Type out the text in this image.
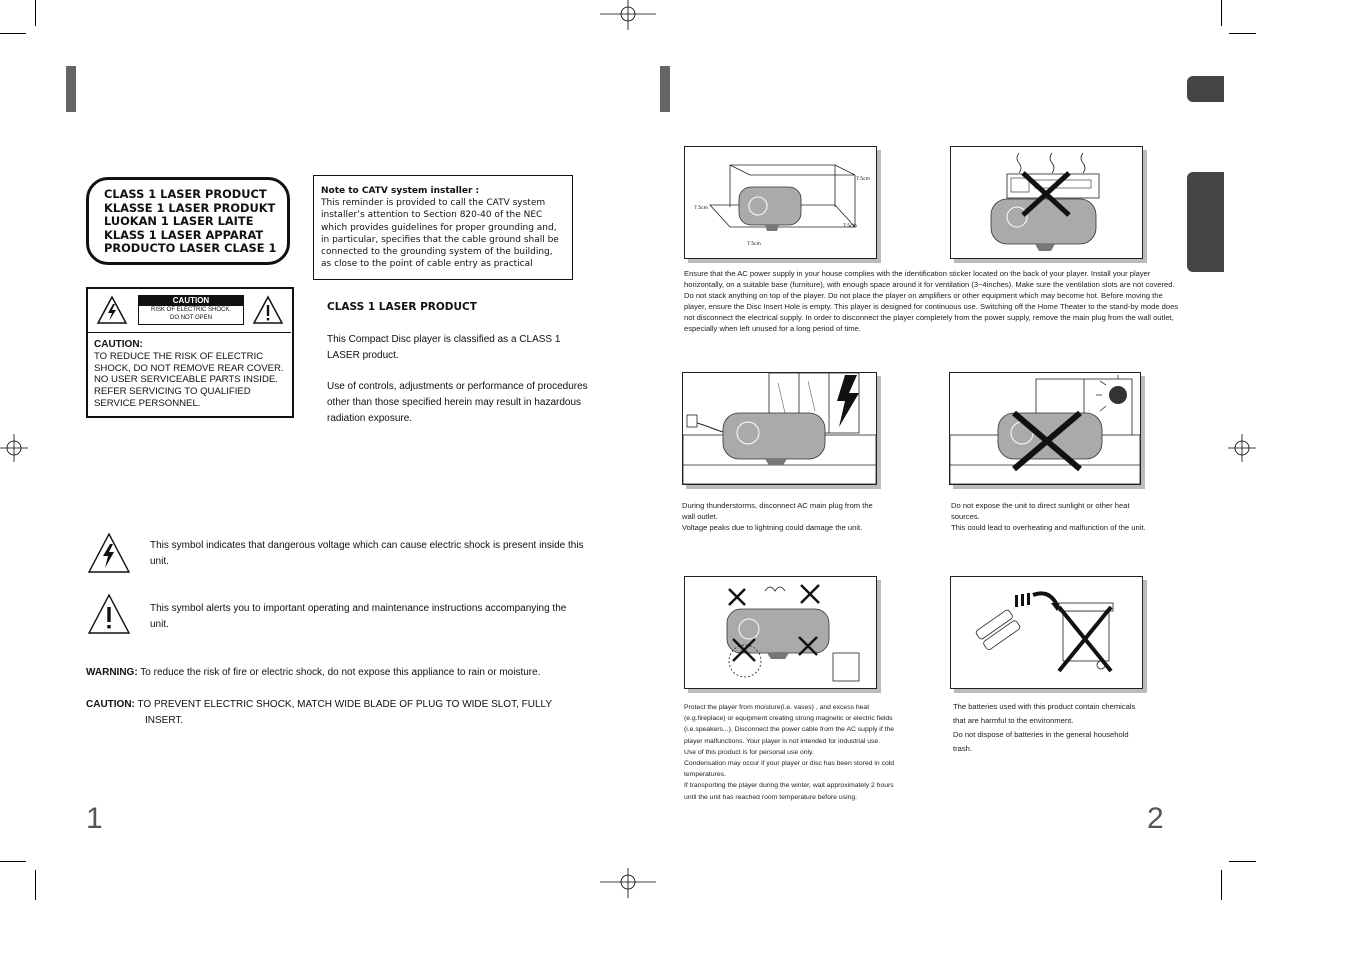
CLASS 1 LASER PRODUCT
KLASSE 1 LASER PRODUKT
LUOKAN 1 LASER LAITE
KLASS 1 LASER APPARAT
PRODUCTO LASER CLASE 1
Note to CATV system installer :
This reminder is provided to call the CATV system installer’s attention to Section 820-40 of the NEC which provides guidelines for proper grounding and, in particular, specifies that the cable ground shall be connected to the grounding system of the building, as close to the point of cable entry as practical
CAUTION
RISK OF ELECTRIC SHOCK.
DO NOT OPEN
CAUTION:
TO REDUCE THE RISK OF ELECTRIC SHOCK, DO NOT REMOVE REAR COVER. NO USER SERVICEABLE PARTS INSIDE. REFER SERVICING TO QUALIFIED SERVICE PERSONNEL.
CLASS 1 LASER PRODUCT
This Compact Disc player is classified as a CLASS 1 LASER product.
Use of controls, adjustments or performance of procedures other than those specified herein may result in hazardous radiation exposure.
This symbol indicates that dangerous voltage which can cause electric shock is present inside this unit.
This symbol alerts you to important operating and maintenance instructions accompanying the unit.
WARNING: To reduce the risk of fire or electric shock, do not expose this appliance to rain or moisture.
CAUTION: TO PREVENT ELECTRIC SHOCK, MATCH WIDE BLADE OF PLUG TO WIDE SLOT, FULLY
INSERT.
1
7.5cm
7.5cm
7.5cm
7.5cm
Ensure that the AC power supply in your house complies with the identification sticker located on the back of your player. Install your player horizontally, on a suitable base (furniture), with enough space around it for ventilation (3~4inches). Make sure the ventilation slots are not covered. Do not stack anything on top of the player. Do not place the player on amplifiers or other equipment which may become hot. Before moving the player, ensure the Disc Insert Hole is empty. This player is designed for continuous use. Switching off the Home Theater to the stand-by mode does not disconnect the electrical supply. In order to disconnect the player completely from the power supply, remove the main plug from the wall outlet, especially when left unused for a long period of time.
During thunderstorms, disconnect AC main plug from the
wall outlet.
Voltage peaks due to lightning could damage the unit.
Do not expose the unit to direct sunlight or other heat
sources.
This could lead to overheating and malfunction of the unit.
Protect the player from moisture(i.e. vases) , and excess heat
(e.g.fireplace) or equipment creating strong magnetic or electric fields
(i.e.speakers...). Disconnect the power cable from the AC supply if the
player malfunctions. Your player is not intended for industrial use.
Use of this product is for personal use only.
Condensation may occur if your player or disc has been stored in cold
temperatures.
If transporting the player during the winter, wait approximately 2 hours
until the unit has reached room temperature before using.
The batteries used with this product contain chemicals
that are harmful to the environment.
Do not dispose of batteries in the general household
trash.
2
